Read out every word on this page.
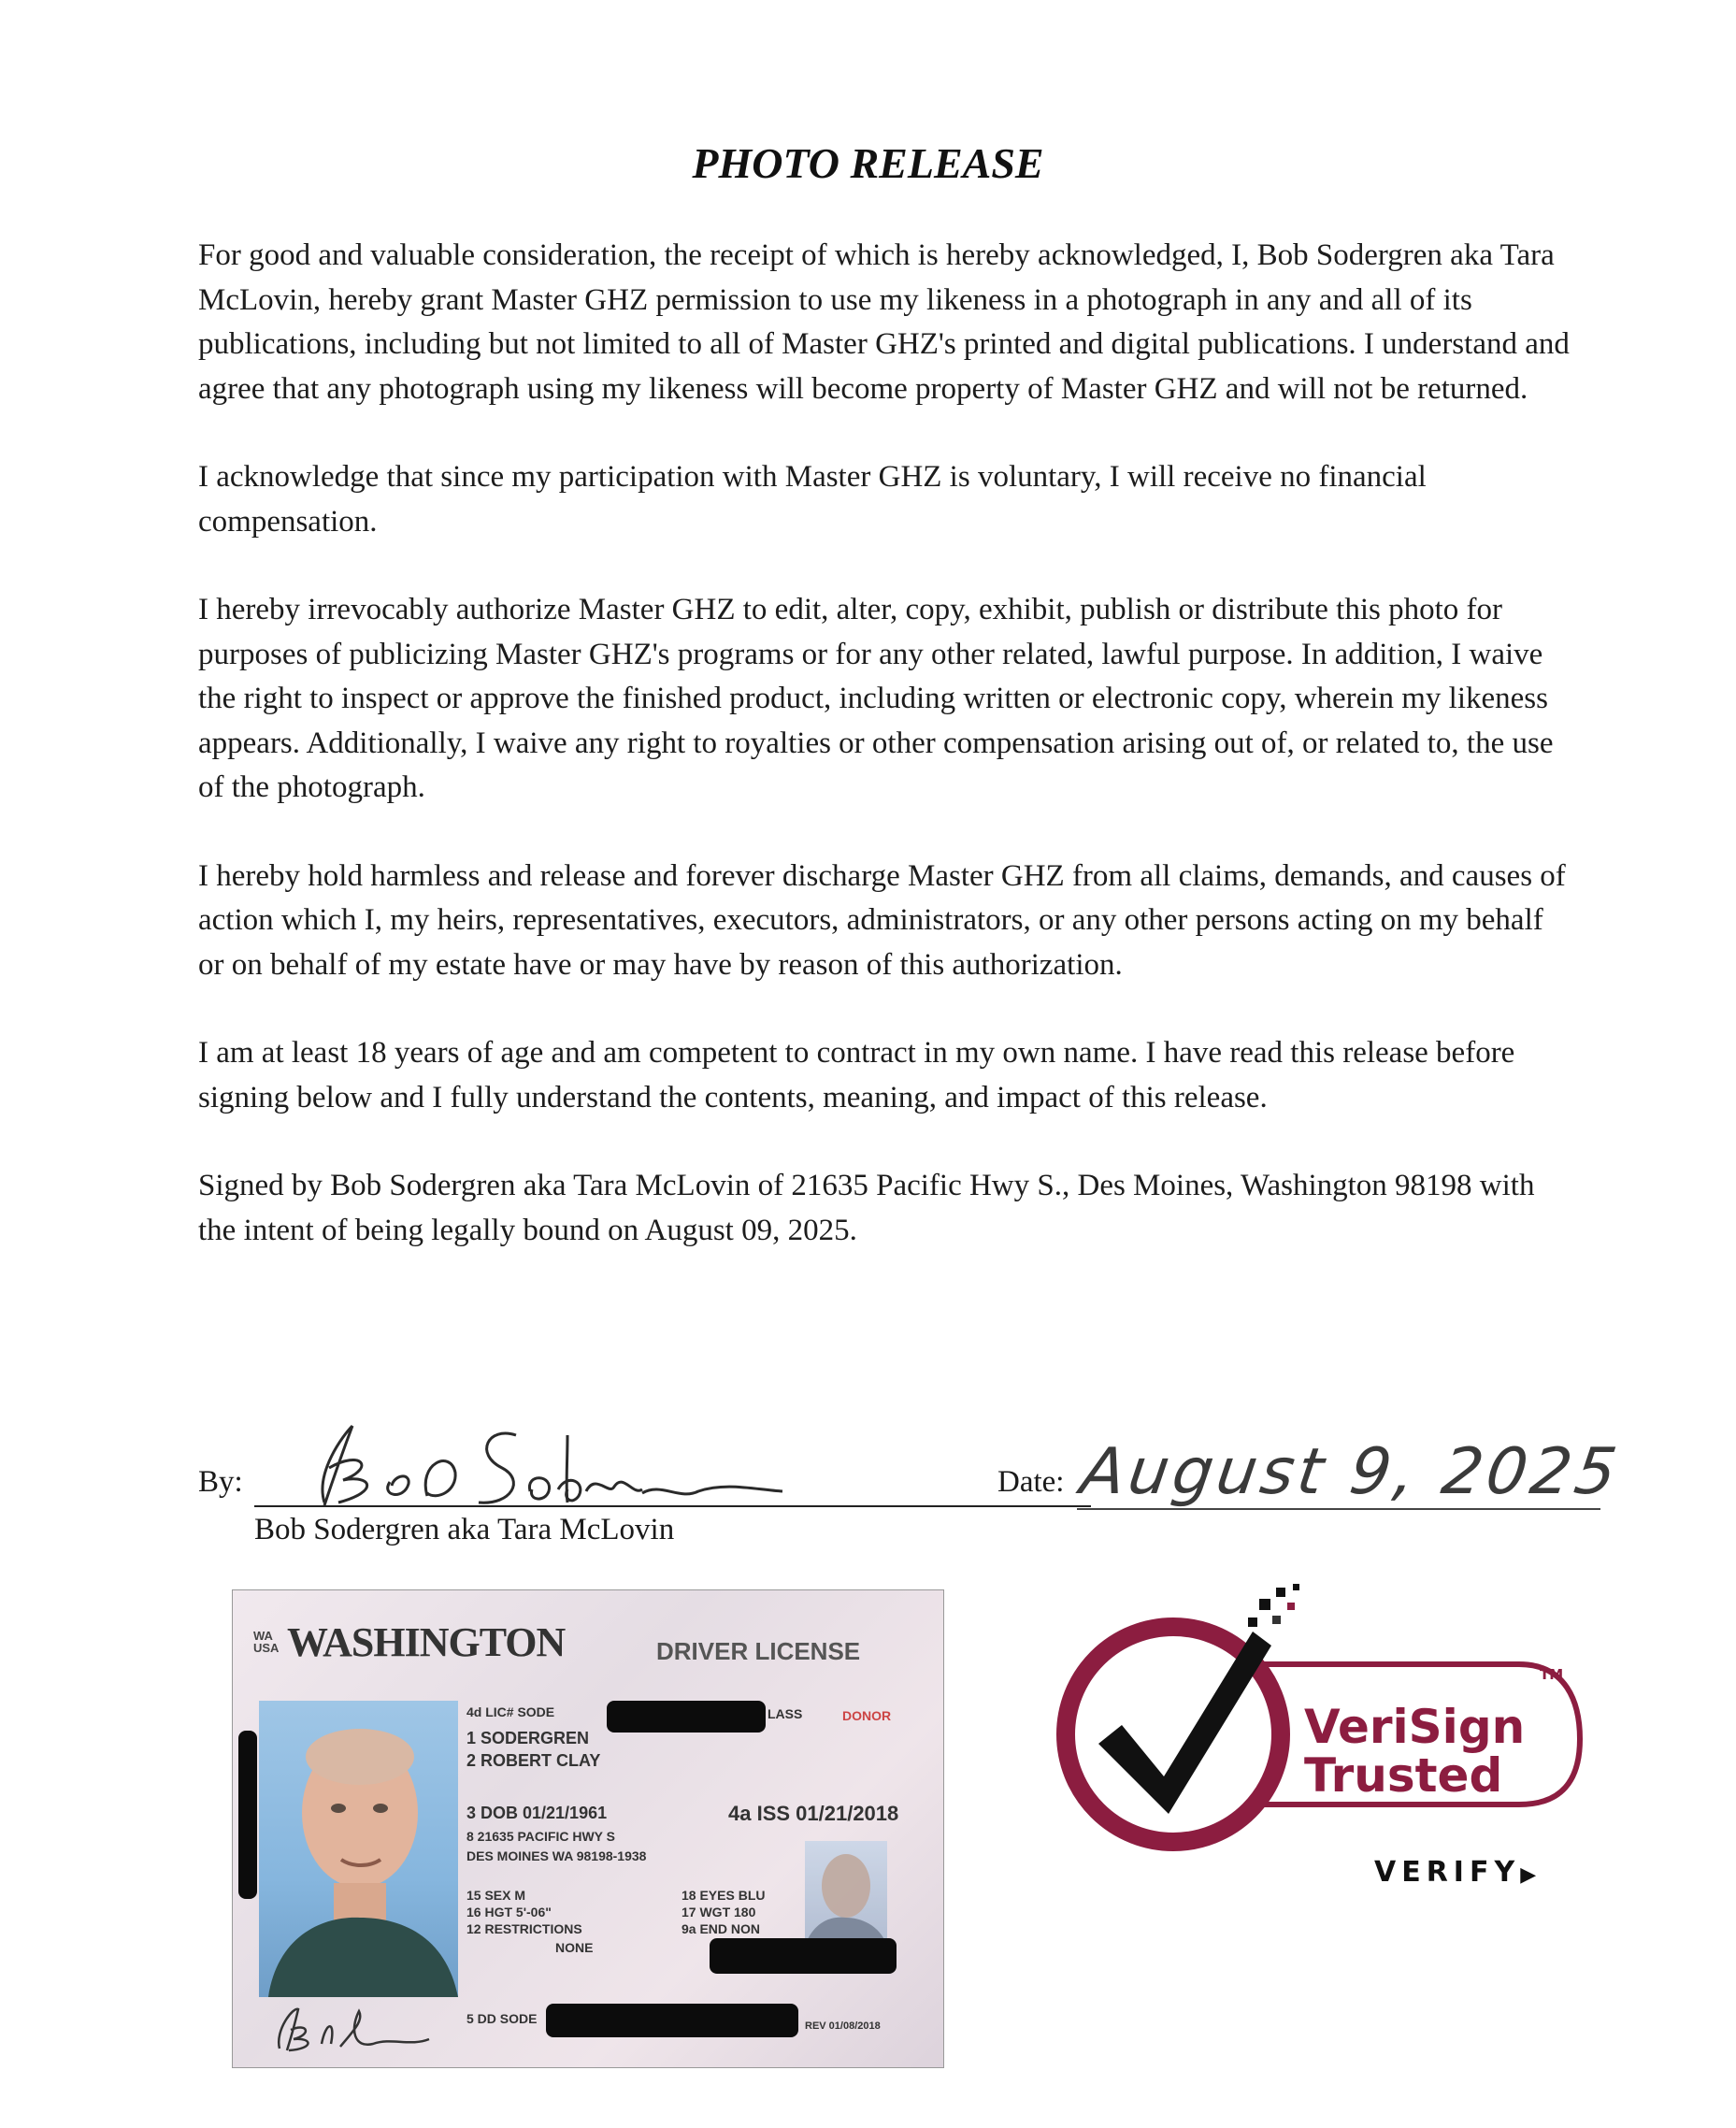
PHOTO RELEASE

For good and valuable consideration, the receipt of which is hereby acknowledged, I, Bob Sodergren aka Tara McLovin, hereby grant Master GHZ permission to use my likeness in a photograph in any and all of its publications, including but not limited to all of Master GHZ's printed and digital publications. I understand and agree that any photograph using my likeness will become property of Master GHZ and will not be returned.

I acknowledge that since my participation with Master GHZ is voluntary, I will receive no financial compensation.

I hereby irrevocably authorize Master GHZ to edit, alter, copy, exhibit, publish or distribute this photo for purposes of publicizing Master GHZ's programs or for any other related, lawful purpose. In addition, I waive the right to inspect or approve the finished product, including written or electronic copy, wherein my likeness appears. Additionally, I waive any right to royalties or other compensation arising out of, or related to, the use of the photograph.

I hereby hold harmless and release and forever discharge Master GHZ from all claims, demands, and causes of action which I, my heirs, representatives, executors, administrators, or any other persons acting on my behalf or on behalf of my estate have or may have by reason of this authorization.

I am at least 18 years of age and am competent to contract in my own name. I have read this release before signing below and I fully understand the contents, meaning, and impact of this release.

Signed by Bob Sodergren aka Tara McLovin of 21635 Pacific Hwy S., Des Moines, Washington 98198 with the intent of being legally bound on August 09, 2025.

By:
Bob Sodergren aka Tara McLovin
Date: August 9, 2025
WA
USA WASHINGTON	DRIVER LICENSE
4d LIC# SODE	LASS	DONOR
1 SODERGREN
2 ROBERT CLAY
3 DOB 01/21/1961	4a ISS 01/21/2018
8 21635 PACIFIC HWY S
DES MOINES WA 98198-1938
15 SEX M
16 HGT 5'-06"
12 RESTRICTIONS
NONE
18 EYES BLU
17 WGT 180
9a END NON
5 DD SODE	REV 01/08/2018
TM
VeriSign
Trusted
VERIFY▶
